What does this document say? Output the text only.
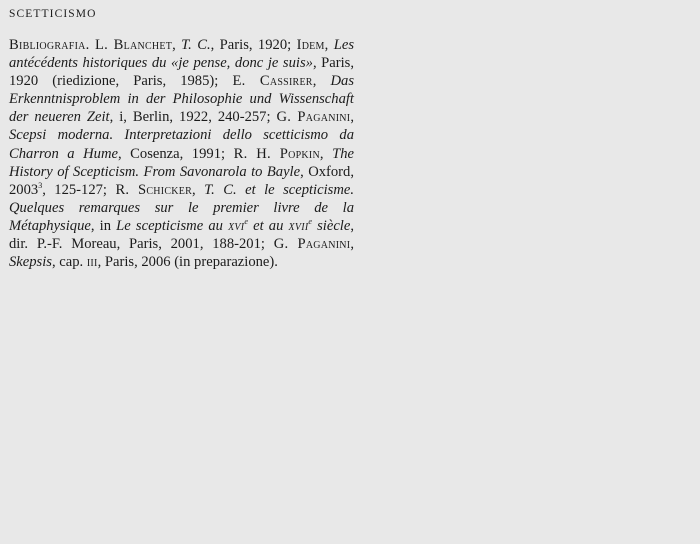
SCETTICISMO
Bibliografia. L. Blanchet, T. C., Paris, 1920; Idem, Les antécédents historiques du «je pense, donc je suis», Paris, 1920 (riedizione, Paris, 1985); E. Cassirer, Das Erkenntnisproblem in der Philosophie und Wissenschaft der neueren Zeit, i, Berlin, 1922, 240-257; G. Paganini, Scepsi moderna. Interpretazioni dello scetticismo da Charron a Hume, Cosenza, 1991; R. H. Popkin, The History of Scepticism. From Savonarola to Bayle, Oxford, 2003$^3$, 125-127; R. Schicker, T. C. et le scepticisme. Quelques remarques sur le premier livre de la Métaphysique, in Le scepticisme au xvi$^e$ et au xvii$^e$ siècle, dir. P.-F. Moreau, Paris, 2001, 188-201; G. Paganini, Skepsis, cap. iii, Paris, 2006 (in preparazione).
